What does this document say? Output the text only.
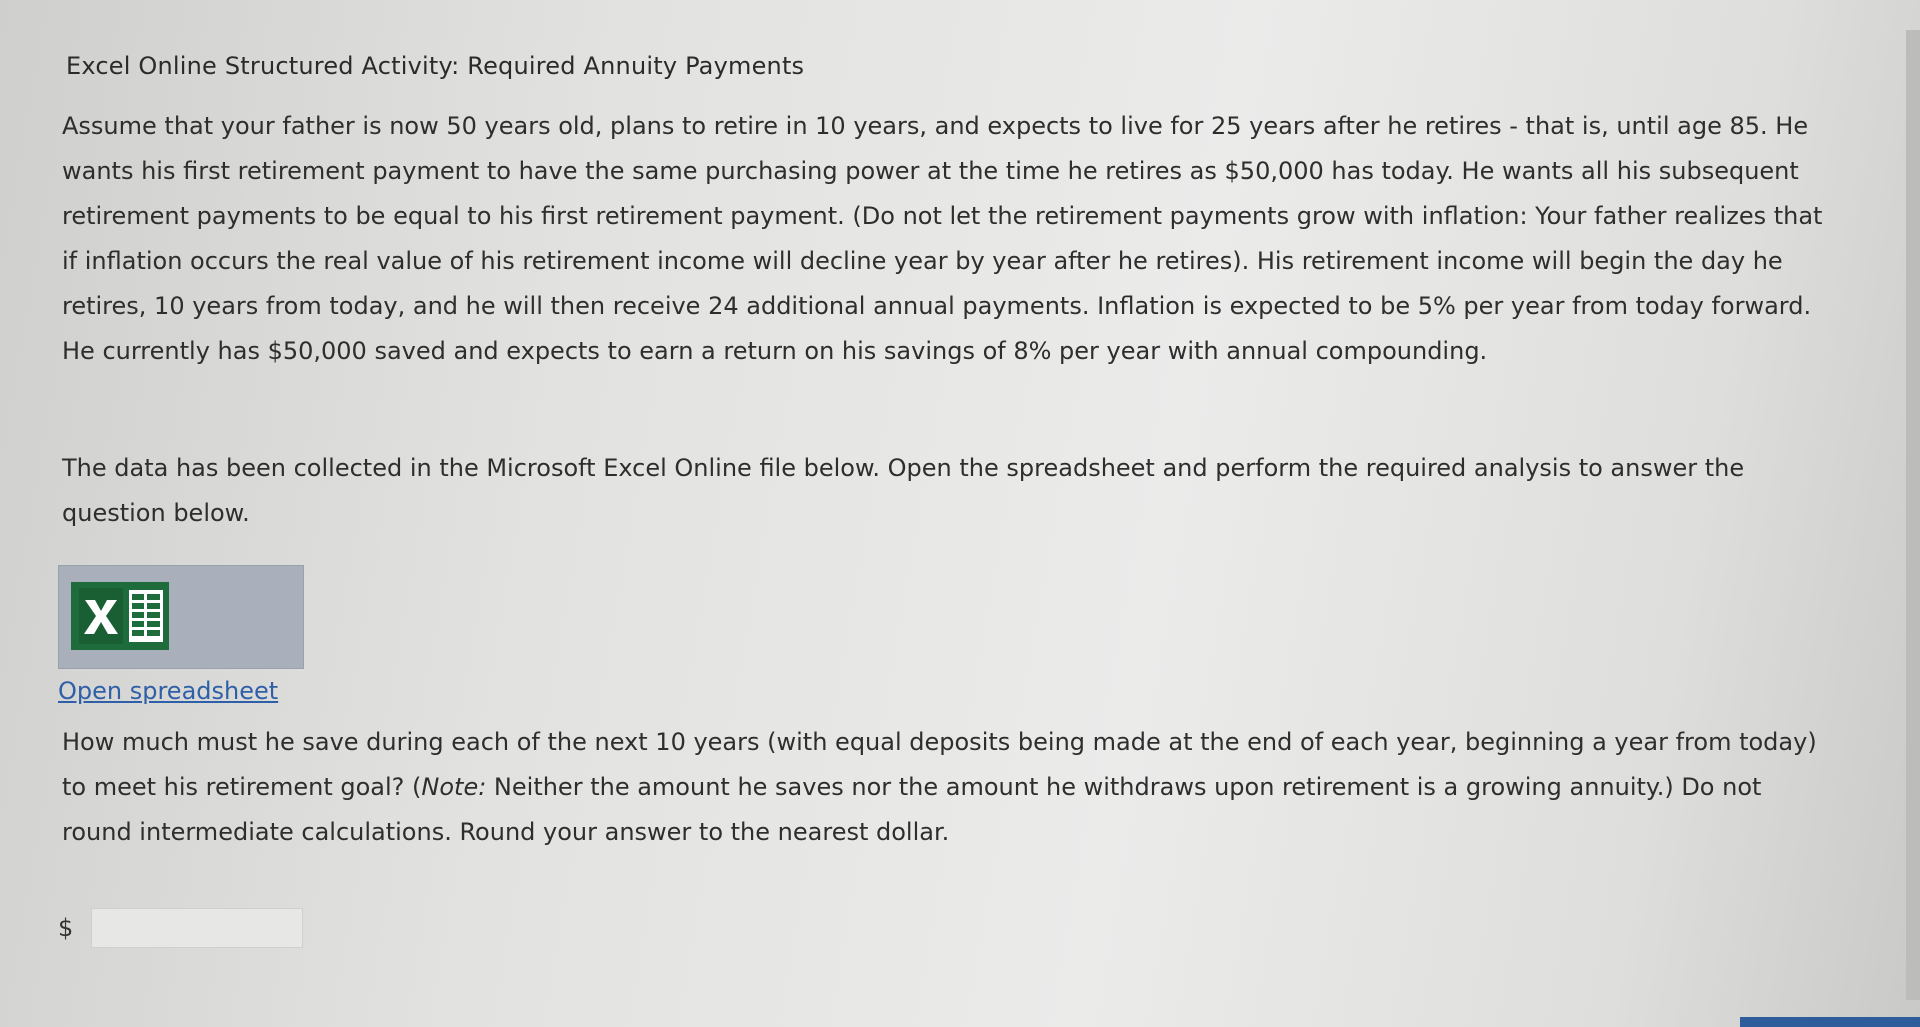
Excel Online Structured Activity: Required Annuity Payments

Assume that your father is now 50 years old, plans to retire in 10 years, and expects to live for 25 years after he retires - that is, until age 85. He wants his first retirement payment to have the same purchasing power at the time he retires as $50,000 has today. He wants all his subsequent retirement payments to be equal to his first retirement payment. (Do not let the retirement payments grow with inflation: Your father realizes that if inflation occurs the real value of his retirement income will decline year by year after he retires). His retirement income will begin the day he retires, 10 years from today, and he will then receive 24 additional annual payments. Inflation is expected to be 5% per year from today forward. He currently has $50,000 saved and expects to earn a return on his savings of 8% per year with annual compounding.

The data has been collected in the Microsoft Excel Online file below. Open the spreadsheet and perform the required analysis to answer the question below.

Open spreadsheet

How much must he save during each of the next 10 years (with equal deposits being made at the end of each year, beginning a year from today) to meet his retirement goal? (Note: Neither the amount he saves nor the amount he withdraws upon retirement is a growing annuity.) Do not round intermediate calculations. Round your answer to the nearest dollar.

$
